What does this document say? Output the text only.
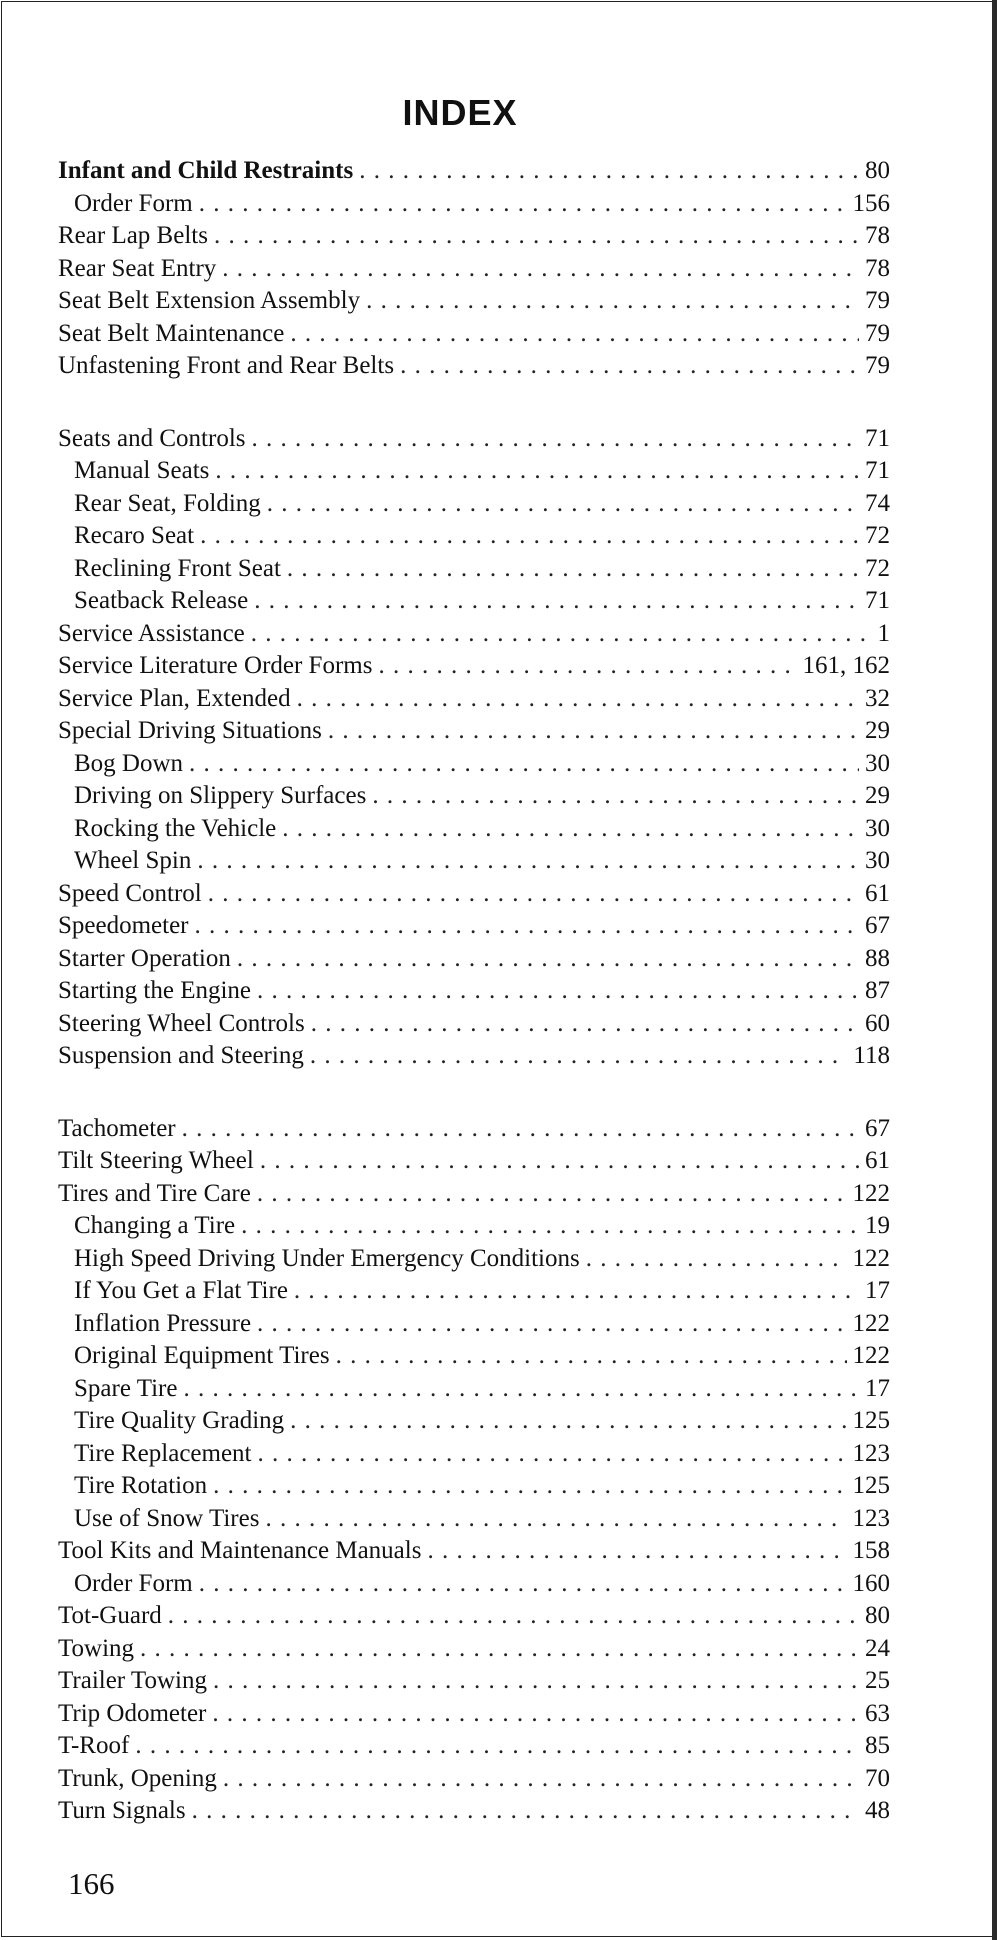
INDEX
Infant and Child Restraints . . .	80
Order Form . . .	156
Rear Lap Belts . . .	78
Rear Seat Entry . . .	78
Seat Belt Extension Assembly . . .	79
Seat Belt Maintenance . . .	79
Unfastening Front and Rear Belts . . .	79
Seats and Controls . . .	71
Manual Seats . . .	71
Rear Seat, Folding . . .	74
Recaro Seat . . .	72
Reclining Front Seat . . .	72
Seatback Release . . .	71
Service Assistance . . .	1
Service Literature Order Forms . . .	161, 162
Service Plan, Extended . . .	32
Special Driving Situations . . .	29
Bog Down . . .	30
Driving on Slippery Surfaces . . .	29
Rocking the Vehicle . . .	30
Wheel Spin . . .	30
Speed Control . . .	61
Speedometer . . .	67
Starter Operation . . .	88
Starting the Engine . . .	87
Steering Wheel Controls . . .	60
Suspension and Steering . . .	118
Tachometer . . .	67
Tilt Steering Wheel . . .	61
Tires and Tire Care . . .	122
Changing a Tire . . .	19
High Speed Driving Under Emergency Conditions . . .	122
If You Get a Flat Tire . . .	17
Inflation Pressure . . .	122
Original Equipment Tires . . .	122
Spare Tire . . .	17
Tire Quality Grading . . .	125
Tire Replacement . . .	123
Tire Rotation . . .	125
Use of Snow Tires . . .	123
Tool Kits and Maintenance Manuals . . .	158
Order Form . . .	160
Tot-Guard . . .	80
Towing . . .	24
Trailer Towing . . .	25
Trip Odometer . . .	63
T-Roof . . .	85
Trunk, Opening . . .	70
Turn Signals . . .	48
166
